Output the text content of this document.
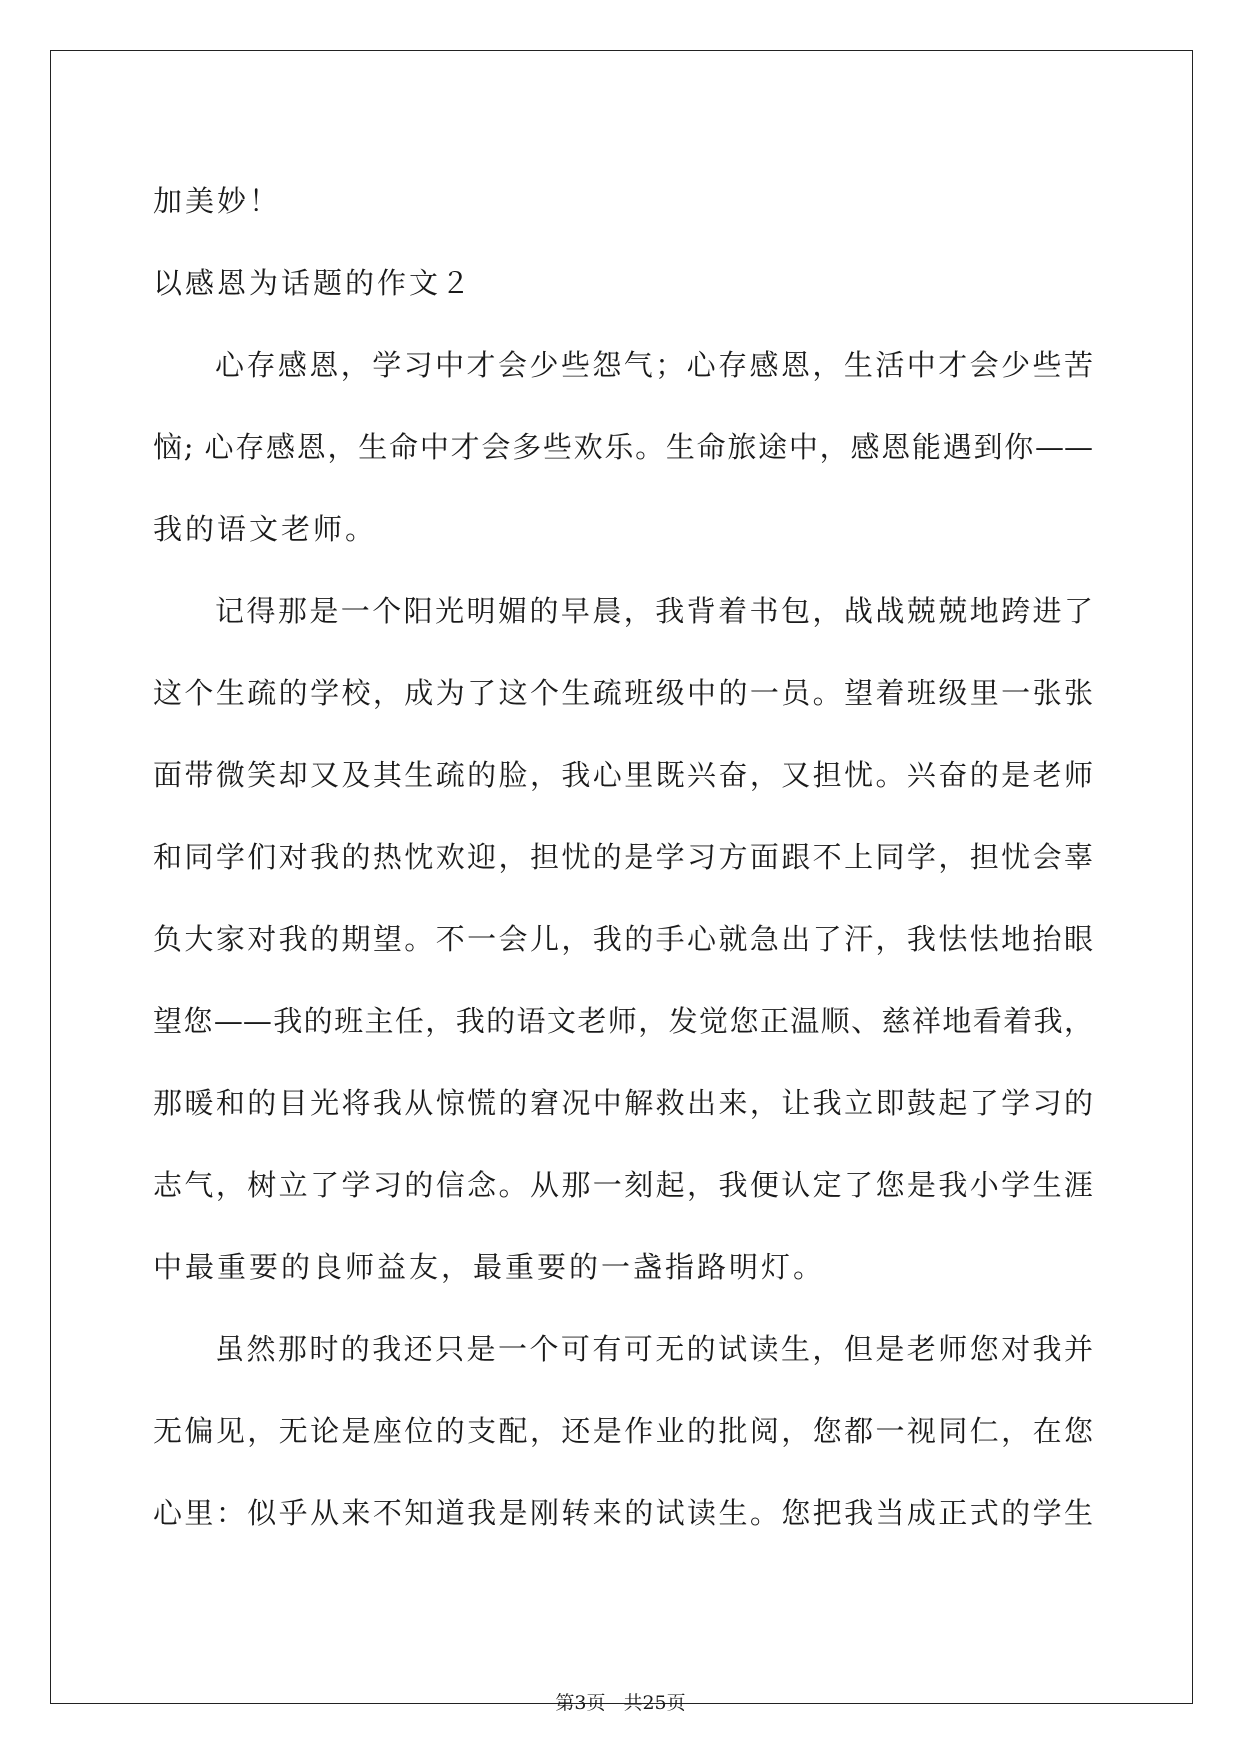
加美妙！
以感恩为话题的作文２
心存感恩，学习中才会少些怨气；心存感恩，生活中才会少些苦
恼; 心存感恩，生命中才会多些欢乐。生命旅途中，感恩能遇到你——
我的语文老师。
记得那是一个阳光明媚的早晨，我背着书包，战战兢兢地跨进了
这个生疏的学校，成为了这个生疏班级中的一员。望着班级里一张张
面带微笑却又及其生疏的脸，我心里既兴奋，又担忧。兴奋的是老师
和同学们对我的热忱欢迎，担忧的是学习方面跟不上同学，担忧会辜
负大家对我的期望。不一会儿，我的手心就急出了汗，我怯怯地抬眼
望您——我的班主任，我的语文老师，发觉您正温顺、慈祥地看着我，
那暖和的目光将我从惊慌的窘况中解救出来，让我立即鼓起了学习的
志气，树立了学习的信念。从那一刻起，我便认定了您是我小学生涯
中最重要的良师益友，最重要的一盏指路明灯。
虽然那时的我还只是一个可有可无的试读生，但是老师您对我并
无偏见，无论是座位的支配，还是作业的批阅，您都一视同仁，在您
心里：似乎从来不知道我是刚转来的试读生。您把我当成正式的学生
第3页 共25页
